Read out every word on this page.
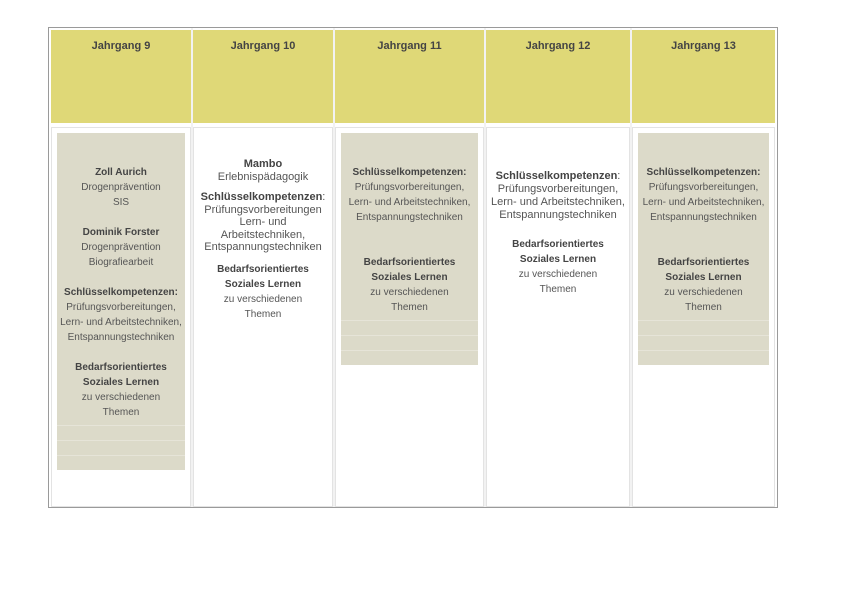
Jahrgang 9
Zoll Aurich
Drogenprävention
SIS
Dominik Forster
Drogenprävention
Biografiearbeit
Schlüsselkompetenzen:
Prüfungsvorbereitungen,
Lern- und Arbeitstechniken,
Entspannungstechniken
Bedarfsorientiertes
Soziales Lernen
zu verschiedenen
Themen
Jahrgang 10
Mambo
Erlebnispädagogik
Schlüsselkompetenzen:
Prüfungsvorbereitungen
Lern- und
Arbeitstechniken,
Entspannungstechniken
Bedarfsorientiertes
Soziales Lernen
zu verschiedenen
Themen
Jahrgang 11
Schlüsselkompetenzen:
Prüfungsvorbereitungen,
Lern- und Arbeitstechniken,
Entspannungstechniken
Bedarfsorientiertes
Soziales Lernen
zu verschiedenen
Themen
Jahrgang 12
Schlüsselkompetenzen:
Prüfungsvorbereitungen,
Lern- und Arbeitstechniken,
Entspannungstechniken
Bedarfsorientiertes
Soziales Lernen
zu verschiedenen
Themen
Jahrgang 13
Schlüsselkompetenzen:
Prüfungsvorbereitungen,
Lern- und Arbeitstechniken,
Entspannungstechniken
Bedarfsorientiertes
Soziales Lernen
zu verschiedenen
Themen
